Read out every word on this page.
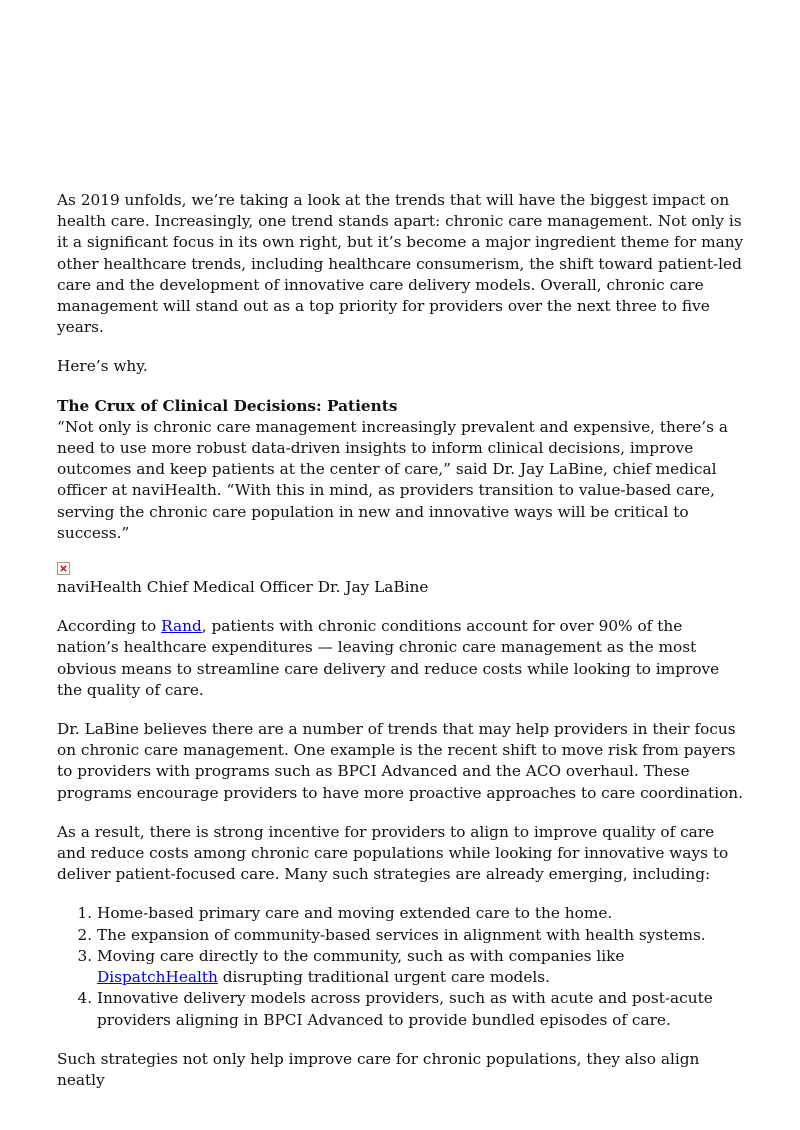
As 2019 unfolds, we’re taking a look at the trends that will have the biggest impact on health care. Increasingly, one trend stands apart: chronic care management. Not only is it a significant focus in its own right, but it’s become a major ingredient theme for many other healthcare trends, including healthcare consumerism, the shift toward patient-led care and the development of innovative care delivery models. Overall, chronic care management will stand out as a top priority for providers over the next three to five years.

Here’s why.

The Crux of Clinical Decisions: Patients
“Not only is chronic care management increasingly prevalent and expensive, there’s a need to use more robust data-driven insights to inform clinical decisions, improve outcomes and keep patients at the center of care,” said Dr. Jay LaBine, chief medical officer at naviHealth. “With this in mind, as providers transition to value-based care, serving the chronic care population in new and innovative ways will be critical to success.”

naviHealth Chief Medical Officer Dr. Jay LaBine

According to Rand, patients with chronic conditions account for over 90% of the nation’s healthcare expenditures — leaving chronic care management as the most obvious means to streamline care delivery and reduce costs while looking to improve the quality of care.

Dr. LaBine believes there are a number of trends that may help providers in their focus on chronic care management. One example is the recent shift to move risk from payers to providers with programs such as BPCI Advanced and the ACO overhaul. These programs encourage providers to have more proactive approaches to care coordination.

As a result, there is strong incentive for providers to align to improve quality of care and reduce costs among chronic care populations while looking for innovative ways to deliver patient-focused care. Many such strategies are already emerging, including:

1. Home-based primary care and moving extended care to the home.
2. The expansion of community-based services in alignment with health systems.
3. Moving care directly to the community, such as with companies like DispatchHealth disrupting traditional urgent care models.
4. Innovative delivery models across providers, such as with acute and post-acute providers aligning in BPCI Advanced to provide bundled episodes of care.

Such strategies not only help improve care for chronic populations, they also align neatly
